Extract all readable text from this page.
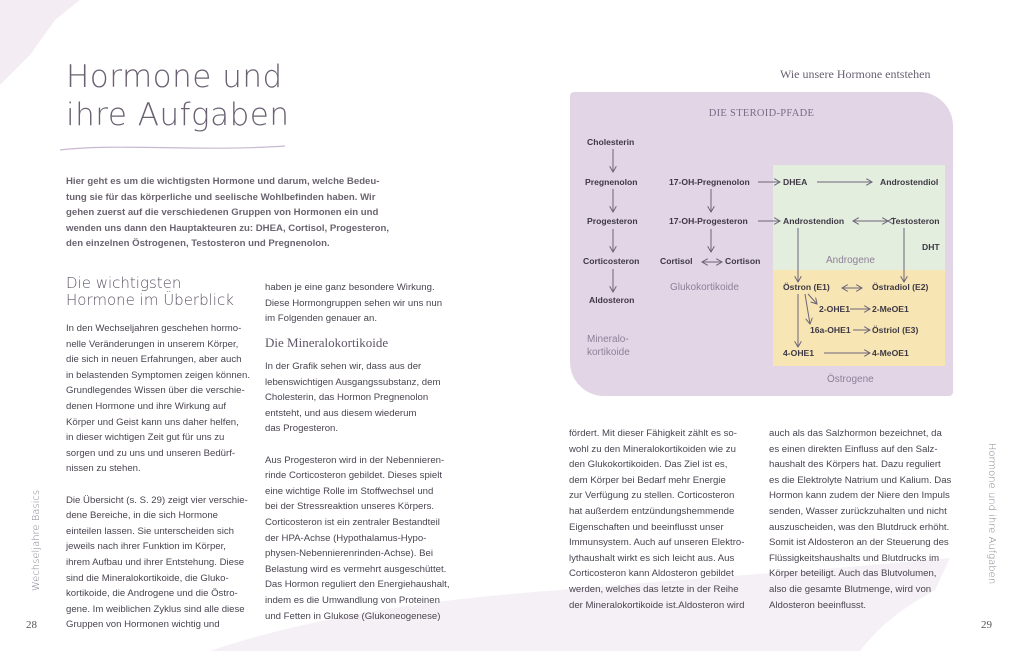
Hormone und
ihre Aufgaben
Hier geht es um die wichtigsten Hormone und darum, welche Bedeu-
tung sie für das körperliche und seelische Wohlbefinden haben. Wir
gehen zuerst auf die verschiedenen Gruppen von Hormonen ein und
wenden uns dann den Hauptakteuren zu: DHEA, Cortisol, Progesteron,
den einzelnen Östrogenen, Testosteron und Pregnenolon.
Die wichtigsten
Hormone im Überblick
In den Wechseljahren geschehen hormo-
nelle Veränderungen in unserem Körper,
die sich in neuen Erfahrungen, aber auch
in belastenden Symptomen zeigen können.
Grundlegendes Wissen über die verschie-
denen Hormone und ihre Wirkung auf
Körper und Geist kann uns daher helfen,
in dieser wichtigen Zeit gut für uns zu
sorgen und zu uns und unseren Bedürf-
nissen zu stehen.

Die Übersicht (s. S. 29) zeigt vier verschie-
dene Bereiche, in die sich Hormone
einteilen lassen. Sie unterscheiden sich
jeweils nach ihrer Funktion im Körper,
ihrem Aufbau und ihrer Entstehung. Diese
sind die Mineralokortikoide, die Gluko-
kortikoide, die Androgene und die Östro-
gene. Im weiblichen Zyklus sind alle diese
Gruppen von Hormonen wichtig und
haben je eine ganz besondere Wirkung.
Diese Hormongruppen sehen wir uns nun
im Folgenden genauer an.
Die Mineralokortikoide
In der Grafik sehen wir, dass aus der
lebenswichtigen Ausgangssubstanz, dem
Cholesterin, das Hormon Pregnenolon
entsteht, und aus diesem wiederum
das Progesteron.

Aus Progesteron wird in der Nebennieren-
rinde Corticosteron gebildet. Dieses spielt
eine wichtige Rolle im Stoffwechsel und
bei der Stressreaktion unseres Körpers.
Corticosteron ist ein zentraler Bestandteil
der HPA-Achse (Hypothalamus-Hypo-
physen-Nebennierenrinden-Achse). Bei
Belastung wird es vermehrt ausgeschüttet.
Das Hormon reguliert den Energiehaushalt,
indem es die Umwandlung von Proteinen
und Fetten in Glukose (Glukoneogenese)
Wechseljahre Basics
28
Wie unsere Hormone entstehen
DIE STEROID-PFADE
Cholesterin
Pregnenolon
Progesteron
Corticosteron
Aldosteron
Mineralo-
kortikoide
17-OH-Pregnenolon
17-OH-Progesteron
Cortisol	Cortison
Glukokortikoide
DHEA	Androstendiol
Androstendion	Testosteron
DHT
Androgene
Östron (E1)	Östradiol (E2)
2-OHE1	2-MeOE1
16a-OHE1 Östriol (E3)
4-OHE1	4-MeOE1
Östrogene
fördert. Mit dieser Fähigkeit zählt es so-
wohl zu den Mineralokortikoiden wie zu
den Glukokortikoiden. Das Ziel ist es,
dem Körper bei Bedarf mehr Energie
zur Verfügung zu stellen. Corticosteron
hat außerdem entzündungshemmende
Eigenschaften und beeinflusst unser
Immunsystem. Auch auf unseren Elektro-
lythaushalt wirkt es sich leicht aus. Aus
Corticosteron kann Aldosteron gebildet
werden, welches das letzte in der Reihe
der Mineralokortikoide ist.Aldosteron wird
auch als das Salzhormon bezeichnet, da
es einen direkten Einfluss auf den Salz-
haushalt des Körpers hat. Dazu reguliert
es die Elektrolyte Natrium und Kalium. Das
Hormon kann zudem der Niere den Impuls
senden, Wasser zurückzuhalten und nicht
auszuscheiden, was den Blutdruck erhöht.
Somit ist Aldosteron an der Steuerung des
Flüssigkeitshaushalts und Blutdrucks im
Körper beteiligt. Auch das Blutvolumen,
also die gesamte Blutmenge, wird von
Aldosteron beeinflusst.
Hormone und ihre Aufgaben
29
